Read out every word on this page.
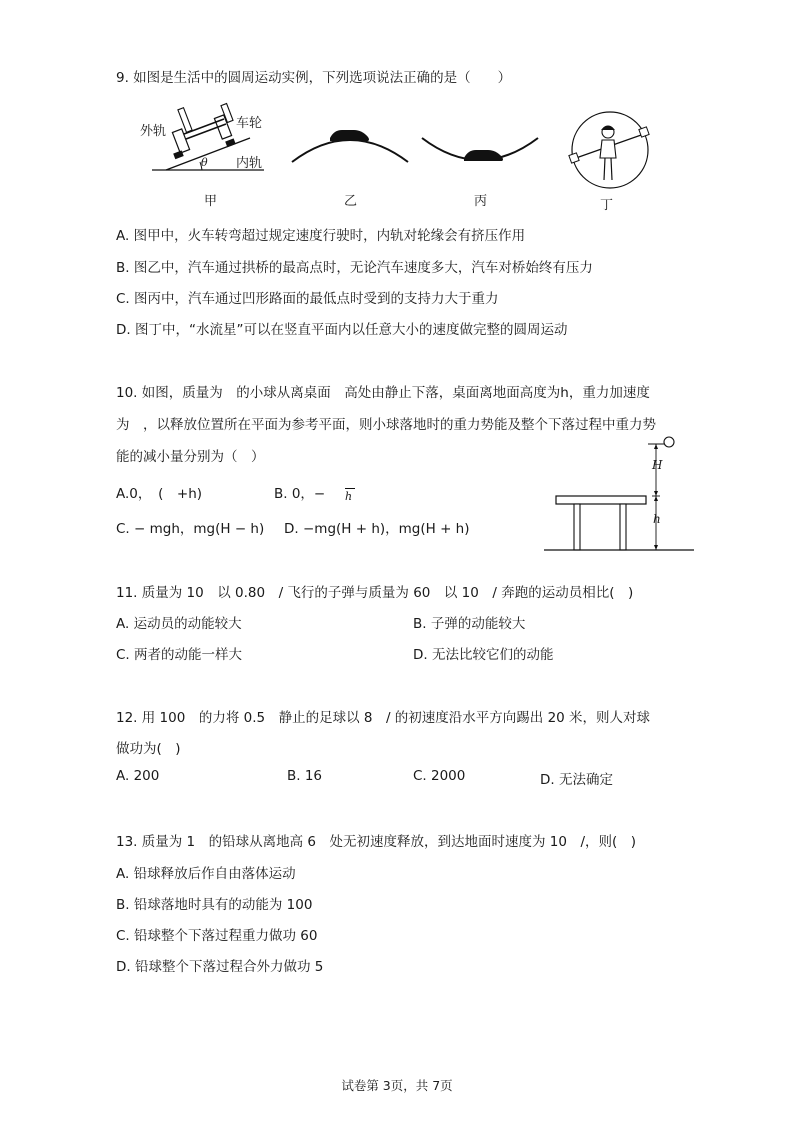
9. 如图是生活中的圆周运动实例，下列选项说法正确的是（　　）
外轨
车轮
内轨
θ
甲	乙	丙	丁
A. 图甲中，火车转弯超过规定速度行驶时，内轨对轮缘会有挤压作用
B. 图乙中，汽车通过拱桥的最高点时，无论汽车速度多大，汽车对桥始终有压力
C. 图丙中，汽车通过凹形路面的最低点时受到的支持力大于重力
D. 图丁中，“水流星”可以在竖直平面内以任意大小的速度做完整的圆周运动
10. 如图，质量为　的小球从离桌面　高处由静止下落，桌面离地面高度为h，重力加速度
为　，以释放位置所在平面为参考平面，则小球落地时的重力势能及整个下落过程中重力势
能的减小量分别为（　）
A.0，　(　+h)	B. 0，− h
C. − mgh，mg(H − h) D. −mg(H + h)，mg(H + h)
H
h
11. 质量为 10　以 0.80　/ 飞行的子弹与质量为 60　以 10　/ 奔跑的运动员相比(　)
A. 运动员的动能较大	B. 子弹的动能较大
C. 两者的动能一样大	D. 无法比较它们的动能
12. 用 100　的力将 0.5　静止的足球以 8　/ 的初速度沿水平方向踢出 20 米，则人对球
做功为(　)
A. 200	B. 16	C. 2000	D. 无法确定
13. 质量为 1　的铅球从离地高 6　处无初速度释放，到达地面时速度为 10　/，则(　)
A. 铅球释放后作自由落体运动
B. 铅球落地时具有的动能为 100
C. 铅球整个下落过程重力做功 60
D. 铅球整个下落过程合外力做功 5
试卷第 3页，共 7页
